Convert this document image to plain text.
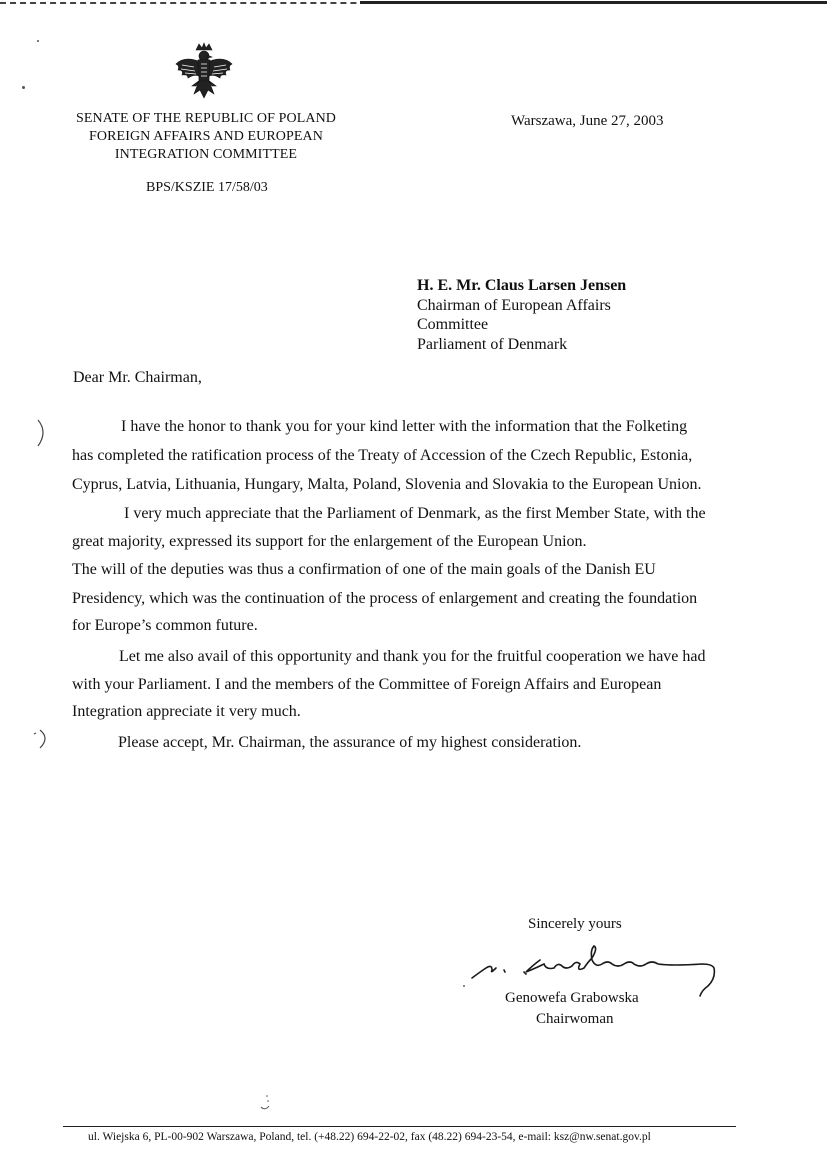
SENATE OF THE REPUBLIC OF POLAND
FOREIGN AFFAIRS AND EUROPEAN
INTEGRATION COMMITTEE
BPS/KSZIE 17/58/03
Warszawa, June 27, 2003
H. E. Mr. Claus Larsen Jensen
Chairman of European Affairs
Committee
Parliament of Denmark
Dear Mr. Chairman,
I have the honor to thank you for your kind letter with the information that the Folketing
has completed the ratification process of the Treaty of Accession of the Czech Republic, Estonia,
Cyprus, Latvia, Lithuania, Hungary, Malta, Poland, Slovenia and Slovakia to the European Union.
I very much appreciate that the Parliament of Denmark, as the first Member State, with the
great majority, expressed its support for the enlargement of the European Union.
The will of the deputies was thus a confirmation of one of the main goals of the Danish EU
Presidency, which was the continuation of the process of enlargement and creating the foundation
for Europe’s common future.
Let me also avail of this opportunity and thank you for the fruitful cooperation we have had
with your Parliament. I and the members of the Committee of Foreign Affairs and European
Integration appreciate it very much.
Please accept, Mr. Chairman, the assurance of my highest consideration.
Sincerely yours
Genowefa Grabowska
Chairwoman
ul. Wiejska 6, PL-00-902 Warszawa, Poland, tel. (+48.22) 694-22-02, fax (48.22) 694-23-54, e-mail: ksz@nw.senat.gov.pl
